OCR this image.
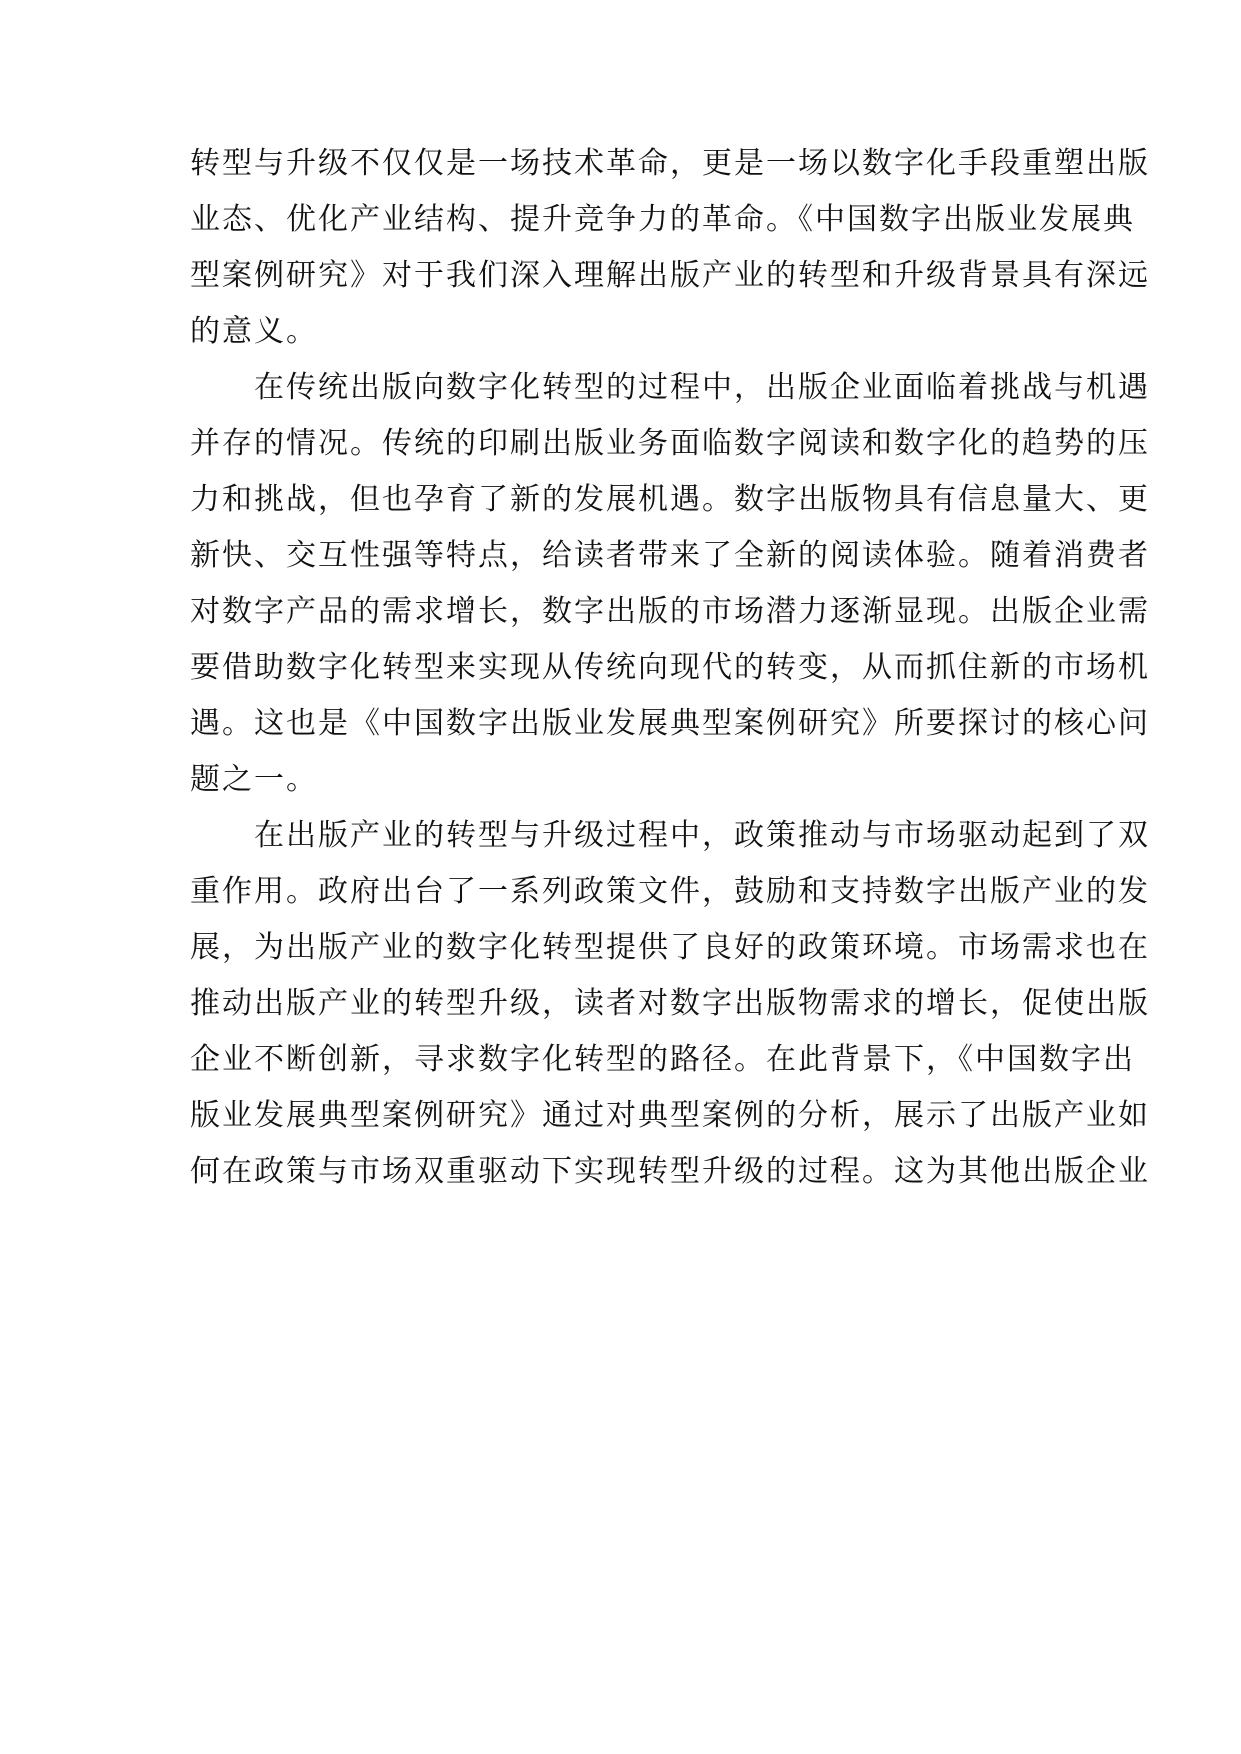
转型与升级不仅仅是一场技术革命，更是一场以数字化手段重塑出版
业态、优化产业结构、提升竞争力的革命。《中国数字出版业发展典
型案例研究》对于我们深入理解出版产业的转型和升级背景具有深远
的意义。
　　在传统出版向数字化转型的过程中，出版企业面临着挑战与机遇
并存的情况。传统的印刷出版业务面临数字阅读和数字化的趋势的压
力和挑战，但也孕育了新的发展机遇。数字出版物具有信息量大、更
新快、交互性强等特点，给读者带来了全新的阅读体验。随着消费者
对数字产品的需求增长，数字出版的市场潜力逐渐显现。出版企业需
要借助数字化转型来实现从传统向现代的转变，从而抓住新的市场机
遇。这也是《中国数字出版业发展典型案例研究》所要探讨的核心问
题之一。
　　在出版产业的转型与升级过程中，政策推动与市场驱动起到了双
重作用。政府出台了一系列政策文件，鼓励和支持数字出版产业的发
展，为出版产业的数字化转型提供了良好的政策环境。市场需求也在
推动出版产业的转型升级，读者对数字出版物需求的增长，促使出版
企业不断创新，寻求数字化转型的路径。在此背景下，《中国数字出
版业发展典型案例研究》通过对典型案例的分析，展示了出版产业如
何在政策与市场双重驱动下实现转型升级的过程。这为其他出版企业
